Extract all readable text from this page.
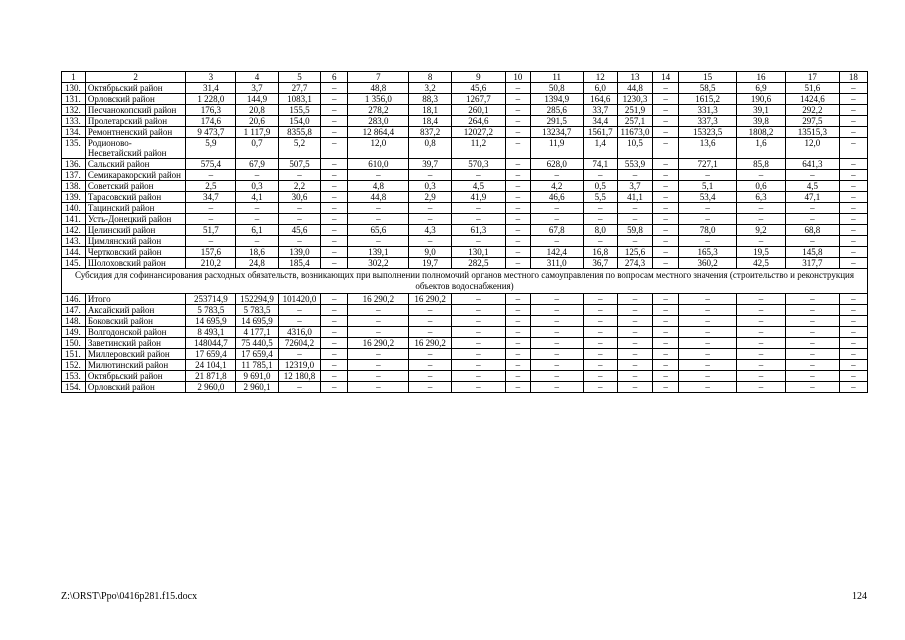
1	2	3	4	5	6	7	8	9	10	11	12	13	14	15	16	17	18
130.	Октябрьский район	31,4	3,7	27,7	–	48,8	3,2	45,6	–	50,8	6,0	44,8	–	58,5	6,9	51,6	–
131.	Орловский район	1 228,0	144,9	1083,1	–	1 356,0	88,3	1267,7	–	1394,9	164,6	1230,3	–	1615,2	190,6	1424,6	–
132.	Песчанокопский район	176,3	20,8	155,5	–	278,2	18,1	260,1	–	285,6	33,7	251,9	–	331,3	39,1	292,2	–
133.	Пролетарский район	174,6	20,6	154,0	–	283,0	18,4	264,6	–	291,5	34,4	257,1	–	337,3	39,8	297,5	–
134.	Ремонтненский район	9 473,7	1 117,9	8355,8	–	12 864,4	837,2	12027,2	–	13234,7	1561,7	11673,0	–	15323,5	1808,2	13515,3	–
135.	Родионово-Несветайский район	5,9	0,7	5,2	–	12,0	0,8	11,2	–	11,9	1,4	10,5	–	13,6	1,6	12,0	–
136.	Сальский район	575,4	67,9	507,5	–	610,0	39,7	570,3	–	628,0	74,1	553,9	–	727,1	85,8	641,3	–
137.	Семикаракорский район	–	–	–	–	–	–	–	–	–	–	–	–	–	–	–	–
138.	Советский район	2,5	0,3	2,2	–	4,8	0,3	4,5	–	4,2	0,5	3,7	–	5,1	0,6	4,5	–
139.	Тарасовский район	34,7	4,1	30,6	–	44,8	2,9	41,9	–	46,6	5,5	41,1	–	53,4	6,3	47,1	–
140.	Тацинский район	–	–	–	–	–	–	–	–	–	–	–	–	–	–	–	–
141.	Усть-Донецкий район	–	–	–	–	–	–	–	–	–	–	–	–	–	–	–	–
142.	Целинский район	51,7	6,1	45,6	–	65,6	4,3	61,3	–	67,8	8,0	59,8	–	78,0	9,2	68,8	–
143.	Цимлянский район	–	–	–	–	–	–	–	–	–	–	–	–	–	–	–	–
144.	Чертковский район	157,6	18,6	139,0	–	139,1	9,0	130,1	–	142,4	16,8	125,6	–	165,3	19,5	145,8	–
145.	Шолоховский район	210,2	24,8	185,4	–	302,2	19,7	282,5	–	311,0	36,7	274,3	–	360,2	42,5	317,7	–
Субсидия для софинансирования расходных обязательств, возникающих при выполнении полномочий органов местного самоуправления по вопросам местного значения (строительство и реконструкция объектов водоснабжения)																	
146.	Итого	253714,9	152294,9	101420,0	–	16 290,2	16 290,2	–	–	–	–	–	–	–	–	–	–
147.	Аксайский район	5 783,5	5 783,5	–	–	–	–	–	–	–	–	–	–	–	–	–	–
148.	Боковский район	14 695,9	14 695,9	–	–	–	–	–	–	–	–	–	–	–	–	–	–
149.	Волгодонской район	8 493,1	4 177,1	4316,0	–	–	–	–	–	–	–	–	–	–	–	–	–
150.	Заветинский район	148044,7	75 440,5	72604,2	–	16 290,2	16 290,2	–	–	–	–	–	–	–	–	–	–
151.	Миллеровский район	17 659,4	17 659,4	–	–	–	–	–	–	–	–	–	–	–	–	–	–
152.	Милютинский район	24 104,1	11 785,1	12319,0	–	–	–	–	–	–	–	–	–	–	–	–	–
153.	Октябрьский район	21 871,8	9 691,0	12 180,8	–	–	–	–	–	–	–	–	–	–	–	–	–
154.	Орловский район	2 960,0	2 960,1	–	–	–	–	–	–	–	–	–	–	–	–	–	–
Z:\ORST\Ppo\0416p281.f15.docx	124
